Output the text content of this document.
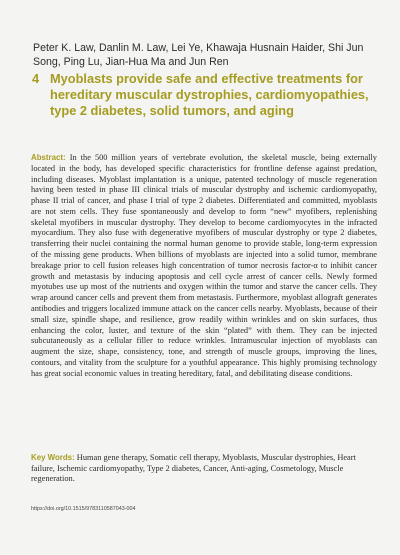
Peter K. Law, Danlin M. Law, Lei Ye, Khawaja Husnain Haider, Shi Jun Song, Ping Lu, Jian-Hua Ma and Jun Ren
4 Myoblasts provide safe and effective treatments for hereditary muscular dystrophies, cardiomyopathies, type 2 diabetes, solid tumors, and aging

Abstract: In the 500 million years of vertebrate evolution, the skeletal muscle, being externally located in the body, has developed specific characteristics for frontline defense against predation, including diseases. Myoblast implantation is a unique, patented technology of muscle regeneration having been tested in phase III clinical trials of muscular dystrophy and ischemic cardiomyopathy, phase II trial of cancer, and phase I trial of type 2 diabetes. Differentiated and committed, myoblasts are not stem cells. They fuse spontaneously and develop to form “new” myofibers, replenishing skeletal myofibers in muscular dystrophy. They develop to become cardiomyocytes in the infracted myocardium. They also fuse with degenerative myofibers of muscular dystrophy or type 2 diabetes, transferring their nuclei containing the normal human genome to provide stable, long-term expression of the missing gene products. When billions of myoblasts are injected into a solid tumor, membrane breakage prior to cell fusion releases high concentration of tumor necrosis factor-α to inhibit cancer growth and metastasis by inducing apoptosis and cell cycle arrest of cancer cells. Newly formed myotubes use up most of the nutrients and oxygen within the tumor and starve the cancer cells. They wrap around cancer cells and prevent them from metastasis. Furthermore, myoblast allograft generates antibodies and triggers localized immune attack on the cancer cells nearby. Myoblasts, because of their small size, spindle shape, and resilience, grow readily within wrinkles and on skin surfaces, thus enhancing the color, luster, and texture of the skin “plated” with them. They can be injected subcutaneously as a cellular filler to reduce wrinkles. Intramuscular injection of myoblasts can augment the size, shape, consistency, tone, and strength of muscle groups, improving the lines, contours, and vitality from the sculpture for a youthful appearance. This highly promising technology has great social economic values in treating hereditary, fatal, and debilitating disease conditions.

Key Words: Human gene therapy, Somatic cell therapy, Myoblasts, Muscular dystrophies, Heart failure, Ischemic cardiomyopathy, Type 2 diabetes, Cancer, Anti-aging, Cosmetology, Muscle regeneration.

https://doi.org/10.1515/9783110587043-004
